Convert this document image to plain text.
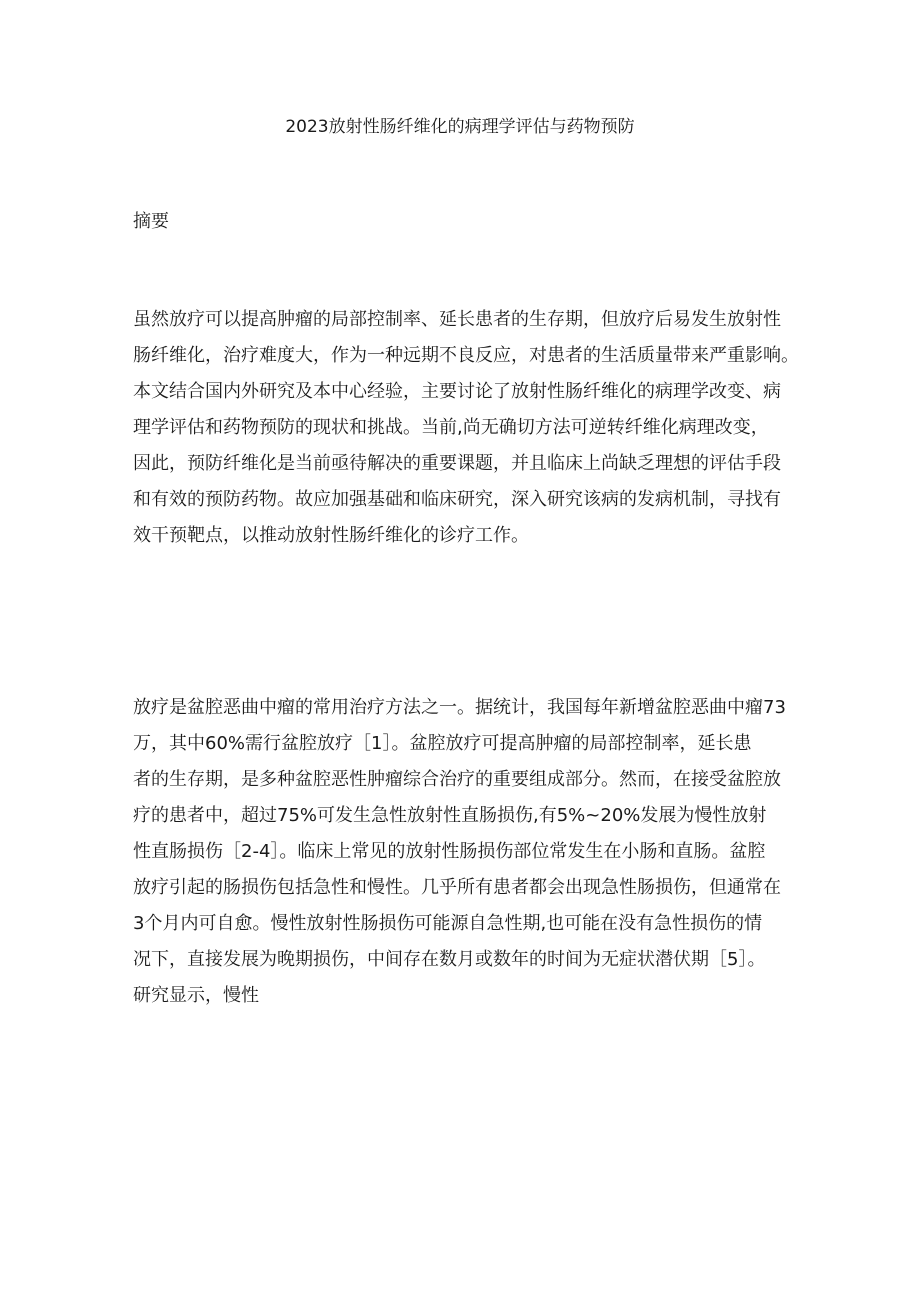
2023放射性肠纤维化的病理学评估与药物预防
摘要
虽然放疗可以提高肿瘤的局部控制率、延长患者的生存期，但放疗后易发生放射性
肠纤维化，治疗难度大，作为一种远期不良反应，对患者的生活质量带来严重影响。
本文结合国内外研究及本中心经验，主要讨论了放射性肠纤维化的病理学改变、病
理学评估和药物预防的现状和挑战。当前,尚无确切方法可逆转纤维化病理改变，
因此，预防纤维化是当前亟待解决的重要课题，并且临床上尚缺乏理想的评估手段
和有效的预防药物。故应加强基础和临床研究，深入研究该病的发病机制，寻找有
效干预靶点，以推动放射性肠纤维化的诊疗工作。
放疗是盆腔恶曲中瘤的常用治疗方法之一。据统计，我国每年新增盆腔恶曲中瘤73
万，其中60%需行盆腔放疗［1］。盆腔放疗可提高肿瘤的局部控制率，延长患
者的生存期，是多种盆腔恶性肿瘤综合治疗的重要组成部分。然而，在接受盆腔放
疗的患者中，超过75%可发生急性放射性直肠损伤,有5%~20%发展为慢性放射
性直肠损伤［2-4］。临床上常见的放射性肠损伤部位常发生在小肠和直肠。盆腔
放疗引起的肠损伤包括急性和慢性。几乎所有患者都会出现急性肠损伤，但通常在
3个月内可自愈。慢性放射性肠损伤可能源自急性期,也可能在没有急性损伤的情
况下，直接发展为晚期损伤，中间存在数月或数年的时间为无症状潜伏期［5］。
研究显示，慢性
